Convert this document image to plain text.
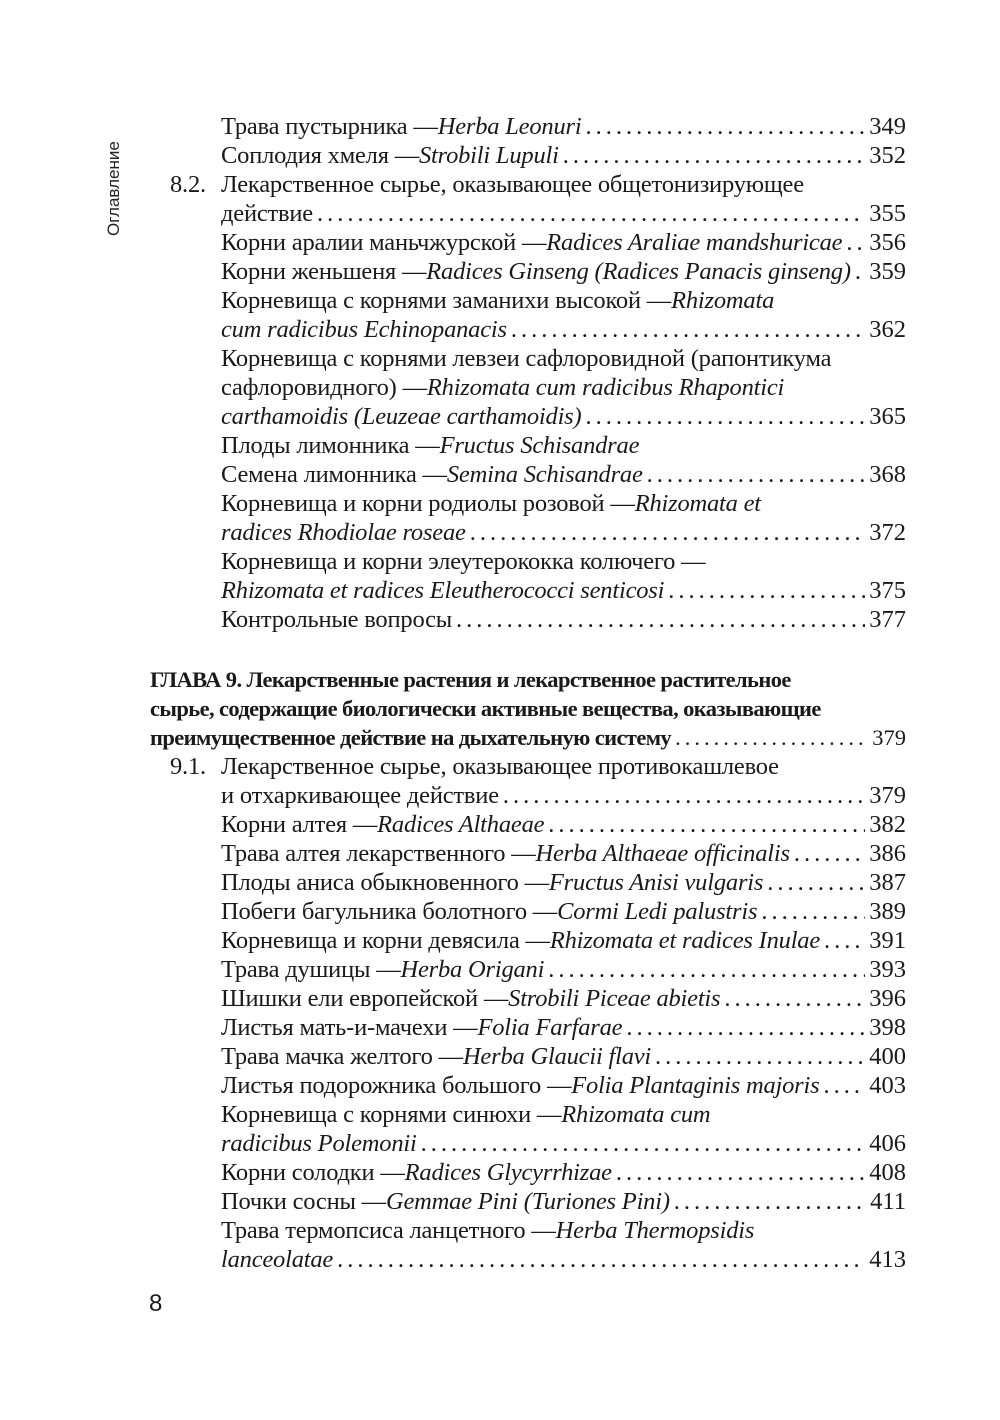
Оглавление
Трава пустырника — Herba Leonuri .....	349
Соплодия хмеля — Strobili Lupuli .....	352
8.2. Лекарственное сырье, оказывающее общетонизирующее
действие .....	355
Корни аралии маньчжурской — Radices Araliae mandshuricae ..... 356
Корни женьшеня — Radices Ginseng (Radices Panacis ginseng) ..... 359
Корневища с корнями заманихи высокой — Rhizomata
cum radicibus Echinopanacis .....	362
Корневища с корнями левзеи сафлоровидной (рапонтикума
сафлоровидного) — Rhizomata cum radicibus Rhapontici
carthamoidis (Leuzeae carthamoidis) .....	365
Плоды лимонника — Fructus Schisandrae
Семена лимонника — Semina Schisandrae .....	368
Корневища и корни родиолы розовой — Rhizomata et
radices Rhodiolae roseae .....	372
Корневища и корни элеутерококка колючего —
Rhizomata et radices Eleutherococci senticosi .....	375
Контрольные вопросы .....	377
ГЛАВА 9. Лекарственные растения и лекарственное растительное
сырье, содержащие биологически активные вещества, оказывающие
преимущественное действие на дыхательную систему .....	379
9.1. Лекарственное сырье, оказывающее противокашлевое
и отхаркивающее действие .....	379
Корни алтея — Radices Althaeae .....	382
Трава алтея лекарственного — Herba Althaeae officinalis .....	386
Плоды аниса обыкновенного — Fructus Anisi vulgaris .....	387
Побеги багульника болотного — Cormi Ledi palustris .....	389
Корневища и корни девясила — Rhizomata et radices Inulae ..... 391
Трава душицы — Herba Origani .....	393
Шишки ели европейской — Strobili Piceae abietis .....	396
Листья мать-и-мачехи — Folia Farfarae .....	398
Трава мачка желтого — Herba Glaucii flavi .....	400
Листья подорожника большого — Folia Plantaginis majoris ..... 403
Корневища с корнями синюхи — Rhizomata cum
radicibus Polemonii .....	406
Корни солодки — Radices Glycyrrhizae .....	408
Почки сосны — Gemmae Pini (Turiones Pini) .....	411
Трава термопсиса ланцетного — Herba Thermopsidis
lanceolatae .....	413
8
